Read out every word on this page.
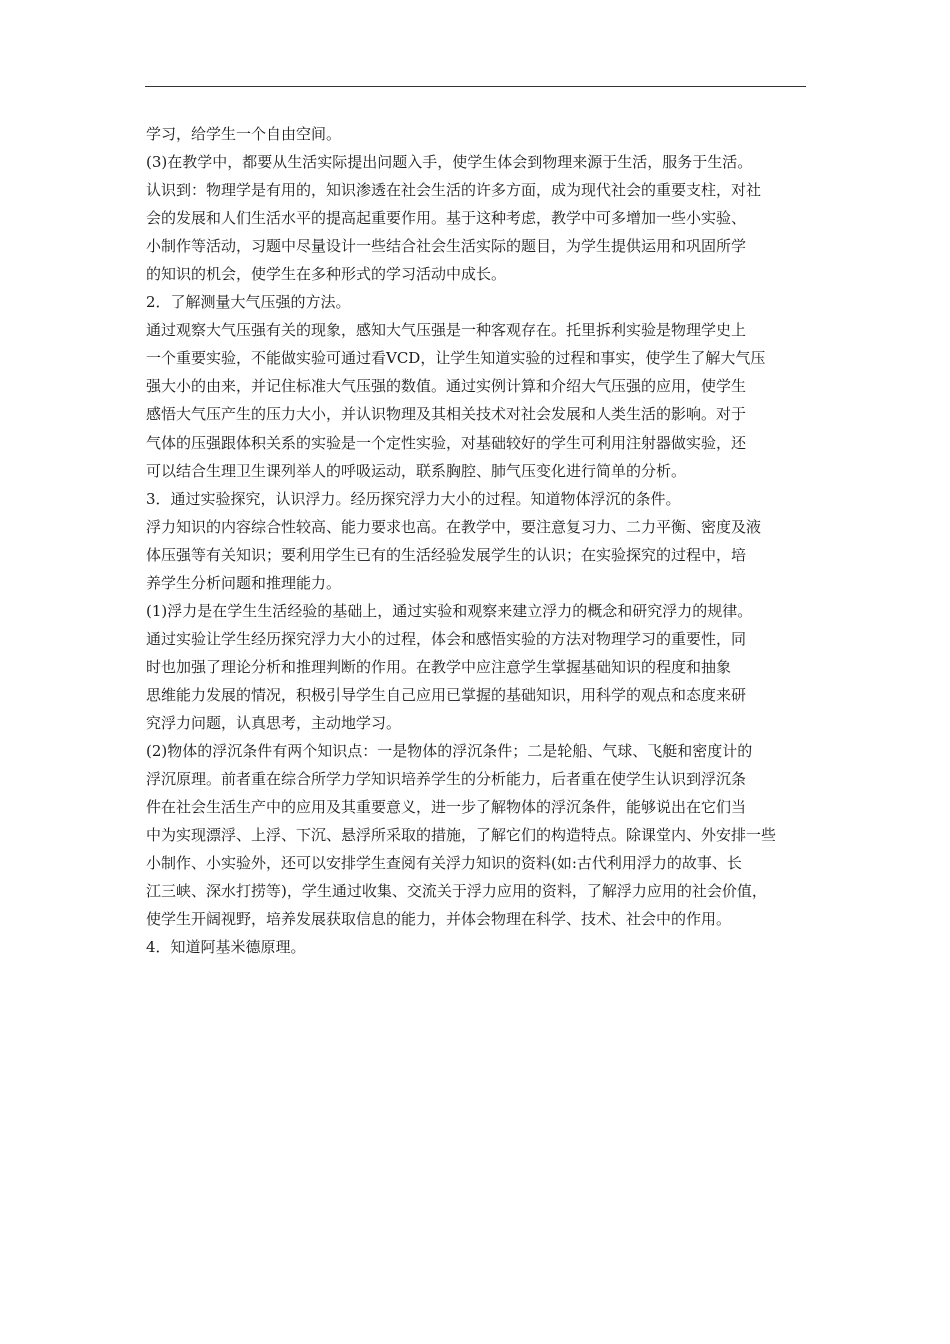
学习，给学生一个自由空间。
(3)在教学中，都要从生活实际提出问题入手，使学生体会到物理来源于生活，服务于生活。
认识到：物理学是有用的，知识渗透在社会生活的许多方面，成为现代社会的重要支柱，对社
会的发展和人们生活水平的提高起重要作用。基于这种考虑，教学中可多增加一些小实验、
小制作等活动，习题中尽量设计一些结合社会生活实际的题目，为学生提供运用和巩固所学
的知识的机会，使学生在多种形式的学习活动中成长。
2．了解测量大气压强的方法。
通过观察大气压强有关的现象，感知大气压强是一种客观存在。托里拆利实验是物理学史上
一个重要实验，不能做实验可通过看VCD，让学生知道实验的过程和事实，使学生了解大气压
强大小的由来，并记住标准大气压强的数值。通过实例计算和介绍大气压强的应用，使学生
感悟大气压产生的压力大小，并认识物理及其相关技术对社会发展和人类生活的影响。对于
气体的压强跟体积关系的实验是一个定性实验，对基础较好的学生可利用注射器做实验，还
可以结合生理卫生课列举人的呼吸运动，联系胸腔、肺气压变化进行简单的分析。
3．通过实验探究，认识浮力。经历探究浮力大小的过程。知道物体浮沉的条件。
浮力知识的内容综合性较高、能力要求也高。在教学中，要注意复习力、二力平衡、密度及液
体压强等有关知识；要利用学生已有的生活经验发展学生的认识；在实验探究的过程中，培
养学生分析问题和推理能力。
(1)浮力是在学生生活经验的基础上，通过实验和观察来建立浮力的概念和研究浮力的规律。
通过实验让学生经历探究浮力大小的过程，体会和感悟实验的方法对物理学习的重要性，同
时也加强了理论分析和推理判断的作用。在教学中应注意学生掌握基础知识的程度和抽象
思维能力发展的情况，积极引导学生自己应用已掌握的基础知识，用科学的观点和态度来研
究浮力问题，认真思考，主动地学习。
(2)物体的浮沉条件有两个知识点：一是物体的浮沉条件；二是轮船、气球、飞艇和密度计的
浮沉原理。前者重在综合所学力学知识培养学生的分析能力，后者重在使学生认识到浮沉条
件在社会生活生产中的应用及其重要意义，进一步了解物体的浮沉条件，能够说出在它们当
中为实现漂浮、上浮、下沉、悬浮所采取的措施，了解它们的构造特点。除课堂内、外安排一些
小制作、小实验外，还可以安排学生查阅有关浮力知识的资料(如:古代利用浮力的故事、长
江三峡、深水打捞等)，学生通过收集、交流关于浮力应用的资料，了解浮力应用的社会价值，
使学生开阔视野，培养发展获取信息的能力，并体会物理在科学、技术、社会中的作用。
4．知道阿基米德原理。
